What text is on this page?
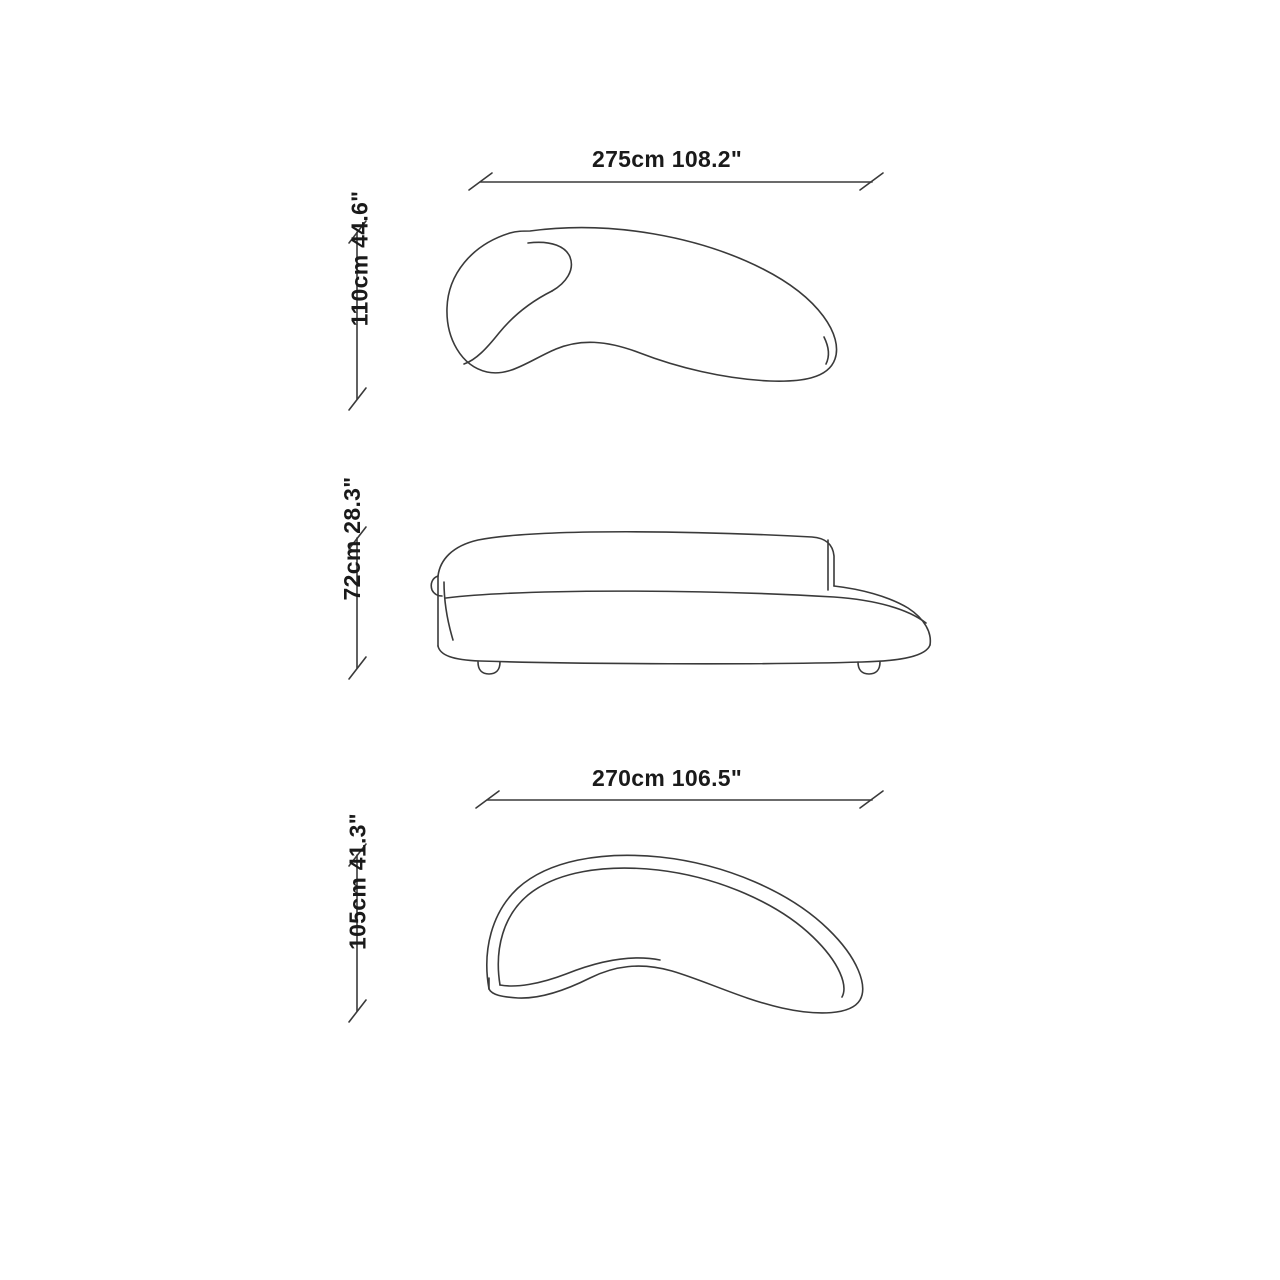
275cm 108.2"
110cm 44.6"
72cm 28.3"
270cm 106.5"
105cm 41.3"
